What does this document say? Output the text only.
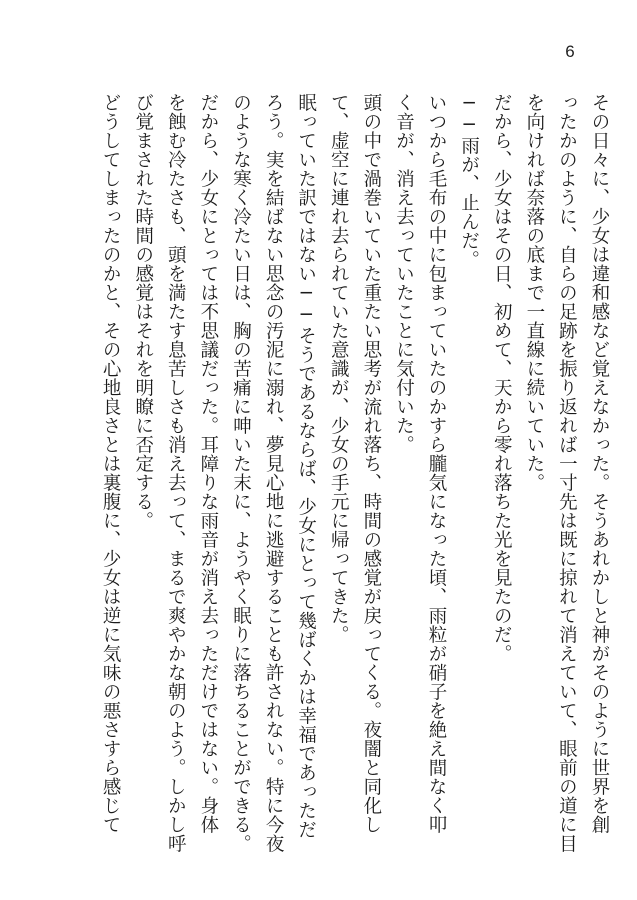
6
その日々に、少女は違和感など覚えなかった。そうあれかしと神がそのように世界を創
ったかのように、自らの足跡を振り返れば一寸先は既に掠れて消えていて、眼前の道に目
を向ければ奈落の底まで一直線に続いていた。
だから、少女はその日、初めて、天から零れ落ちた光を見たのだ。
──雨が、止んだ。
いつから毛布の中に包まっていたのかすら朧気になった頃、雨粒が硝子を絶え間なく叩
く音が、消え去っていたことに気付いた。
頭の中で渦巻いていた重たい思考が流れ落ち、時間の感覚が戻ってくる。夜闇と同化し
て、虚空に連れ去られていた意識が、少女の手元に帰ってきた。
眠っていた訳ではない──そうであるならば、少女にとって幾ばくかは幸福であっただ
ろう。実を結ばない思念の汚泥に溺れ、夢見心地に逃避することも許されない。特に今夜
のような寒く冷たい日は、胸の苦痛に呻いた末に、ようやく眠りに落ちることができる。
だから、少女にとっては不思議だった。耳障りな雨音が消え去っただけではない。身体
を蝕む冷たさも、頭を満たす息苦しさも消え去って、まるで爽やかな朝のよう。しかし呼
び覚まされた時間の感覚はそれを明瞭に否定する。
どうしてしまったのかと、その心地良さとは裏腹に、少女は逆に気味の悪さすら感じて
